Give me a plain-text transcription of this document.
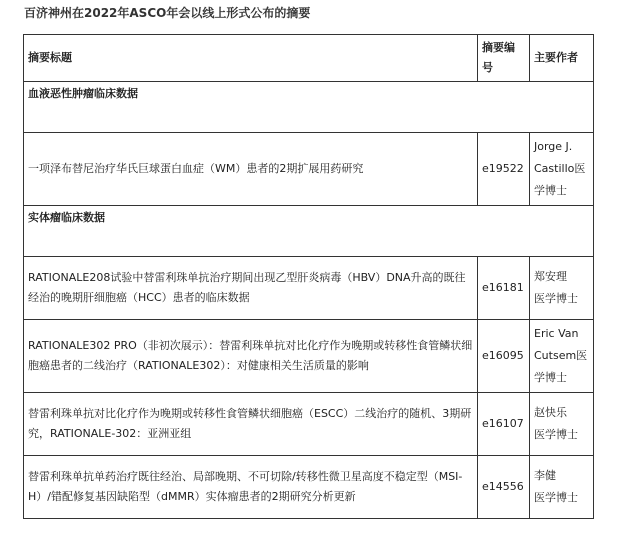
百济神州在2022年ASCO年会以线上形式公布的摘要
摘要标题	摘要编号	主要作者
血液恶性肿瘤临床数据		
一项泽布替尼治疗华氏巨球蛋白血症（WM）患者的2期扩展用药研究	e19522	Jorge J. Castillo医学博士
实体瘤临床数据		
RATIONALE208试验中替雷利珠单抗治疗期间出现乙型肝炎病毒（HBV）DNA升高的既往经治的晚期肝细胞癌（HCC）患者的临床数据	e16181	郑安理
医学博士

RATIONALE302 PRO（非初次展示）：替雷利珠单抗对比化疗作为晚期或转移性食管鳞状细胞癌患者的二线治疗（RATIONALE302）：对健康相关生活质量的影响	e16095	Eric Van Cutsem医学博士
替雷利珠单抗对比化疗作为晚期或转移性食管鳞状细胞癌（ESCC）二线治疗的随机、3期研究，RATIONALE-302：亚洲亚组	e16107	赵快乐
医学博士

替雷利珠单抗单药治疗既往经治、局部晚期、不可切除/转移性微卫星高度不稳定型（MSI-H）/错配修复基因缺陷型（dMMR）实体瘤患者的2期研究分析更新	e14556	李健
医学博士
